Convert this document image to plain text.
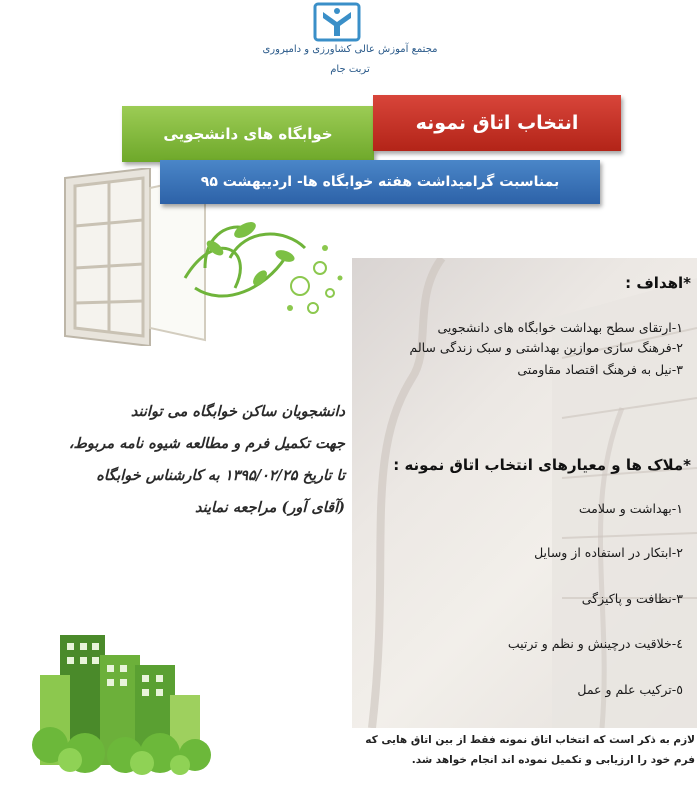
مجتمع آموزش عالی کشاورزی و دامپروری
تربت جام
خوابگاه های دانشجویی	انتخاب اتاق نمونه
بمناسبت گرامیداشت هفته خوابگاه ها- اردیبهشت ۹۵
*اهداف :
۱-ارتقای سطح بهداشت خوابگاه های دانشجویی
۲-فرهنگ سازی موازین بهداشتی و سبک زندگی سالم
۳-نیل به فرهنگ اقتصاد مقاومتی
*ملاک ها و معیارهای انتخاب اتاق نمونه :
۱-بهداشت و سلامت
۲-ابتکار در استفاده از وسایل
۳-نظافت و پاکیزگی
٤-خلاقیت درچینش و نظم و ترتیب
٥-ترکیب علم و عمل
دانشجویان ساکن خوابگاه می توانند
جهت تکمیل فرم و مطالعه شیوه نامه مربوط،
تا تاریخ ۱۳۹۵/۰۲/۲۵ به کارشناس خوابگاه
(آقای آور) مراجعه نمایند
لازم به ذکر است که انتخاب اتاق نمونه فقط از بین اتاق هایی که
فرم خود را ارزیابی و تکمیل نموده اند انجام خواهد شد.
